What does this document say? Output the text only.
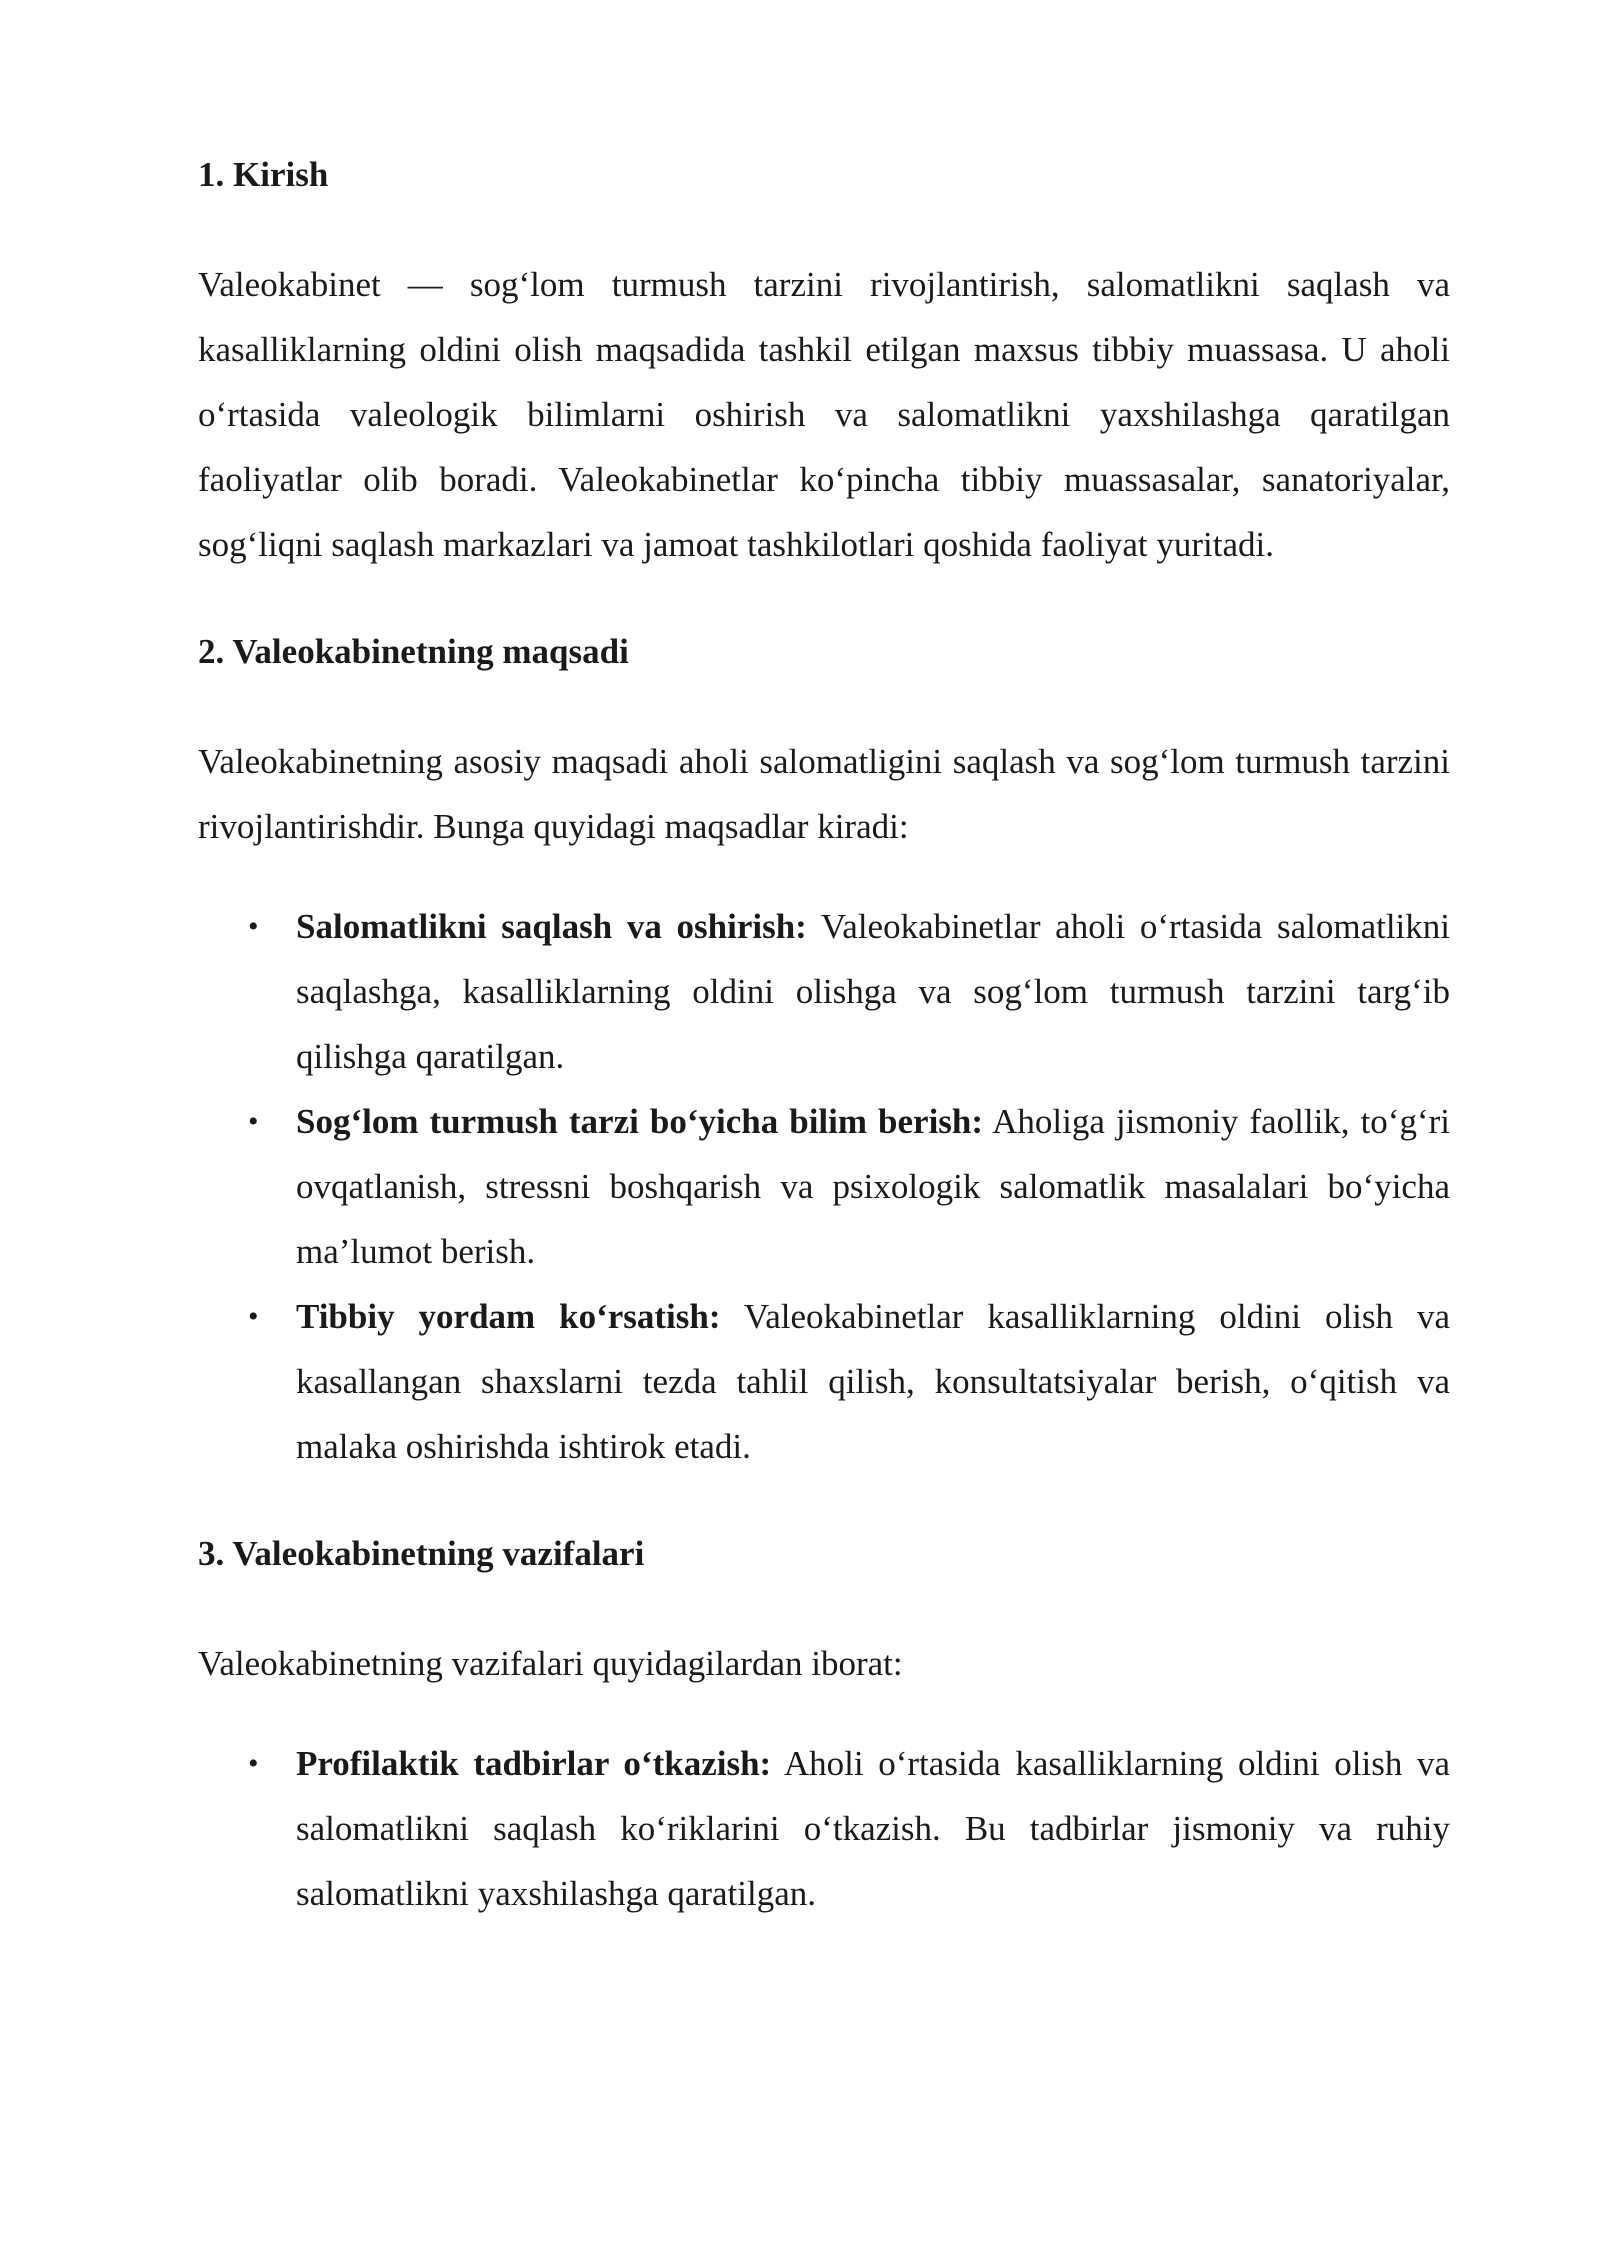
1. Kirish

Valeokabinet — sog‘lom turmush tarzini rivojlantirish, salomatlikni saqlash va kasalliklarning oldini olish maqsadida tashkil etilgan maxsus tibbiy muassasa. U aholi o‘rtasida valeologik bilimlarni oshirish va salomatlikni yaxshilashga qaratilgan faoliyatlar olib boradi. Valeokabinetlar ko‘pincha tibbiy muassasalar, sanatoriyalar, sog‘liqni saqlash markazlari va jamoat tashkilotlari qoshida faoliyat yuritadi.

2. Valeokabinetning maqsadi

Valeokabinetning asosiy maqsadi aholi salomatligini saqlash va sog‘lom turmush tarzini rivojlantirishdir. Bunga quyidagi maqsadlar kiradi:

• Salomatlikni saqlash va oshirish: Valeokabinetlar aholi o‘rtasida salomatlikni saqlashga, kasalliklarning oldini olishga va sog‘lom turmush tarzini targ‘ib qilishga qaratilgan.
• Sog‘lom turmush tarzi bo‘yicha bilim berish: Aholiga jismoniy faollik, to‘g‘ri ovqatlanish, stressni boshqarish va psixologik salomatlik masalalari bo‘yicha ma’lumot berish.
• Tibbiy yordam ko‘rsatish: Valeokabinetlar kasalliklarning oldini olish va kasallangan shaxslarni tezda tahlil qilish, konsultatsiyalar berish, o‘qitish va malaka oshirishda ishtirok etadi.
3. Valeokabinetning vazifalari

Valeokabinetning vazifalari quyidagilardan iborat:

• Profilaktik tadbirlar o‘tkazish: Aholi o‘rtasida kasalliklarning oldini olish va salomatlikni saqlash ko‘riklarini o‘tkazish. Bu tadbirlar jismoniy va ruhiy salomatlikni yaxshilashga qaratilgan.
